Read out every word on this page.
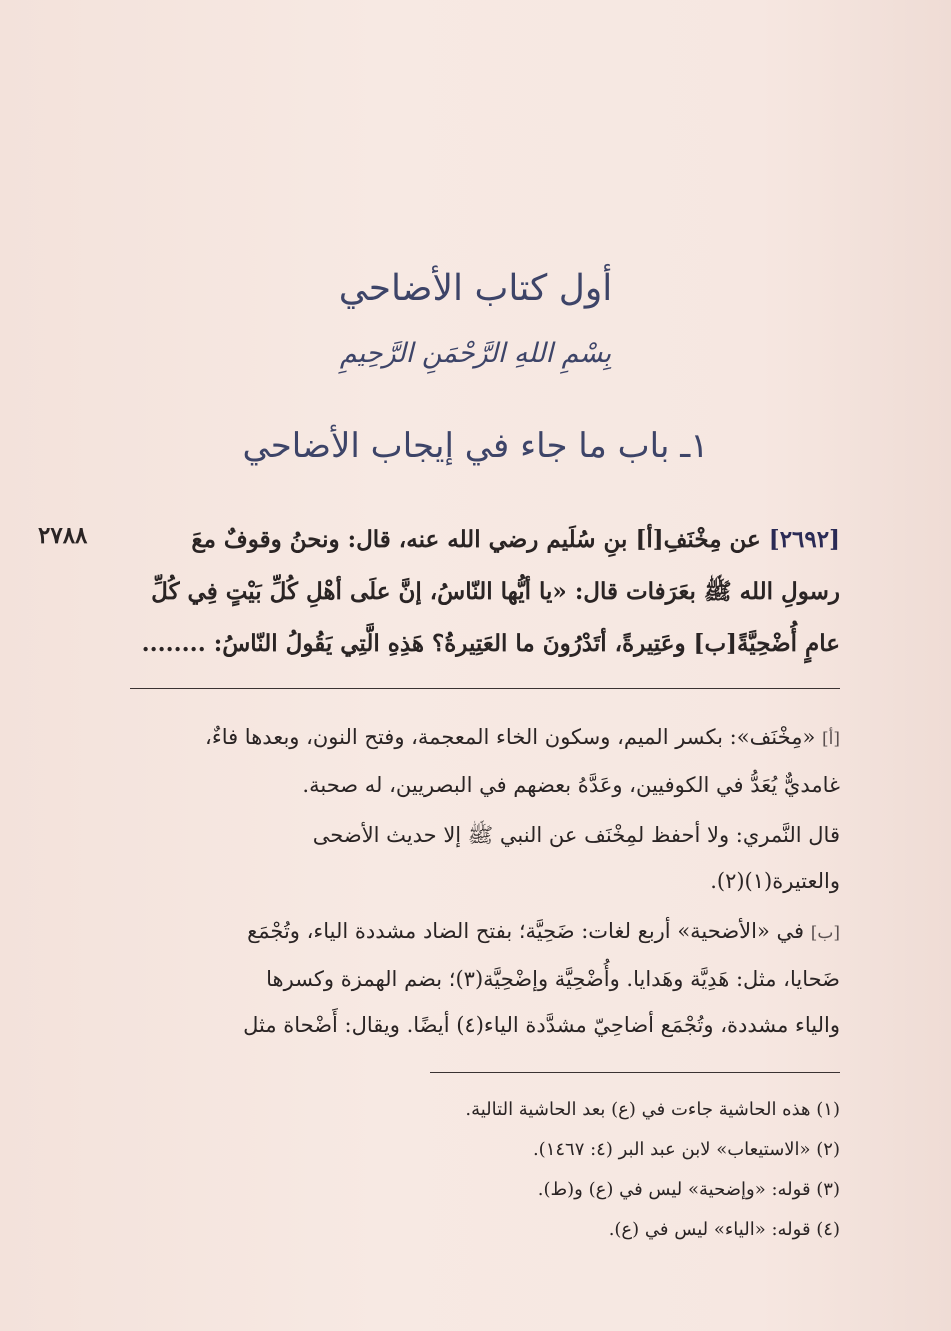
أول كتاب الأضاحي
بِسْمِ اللهِ الرَّحْمَنِ الرَّحِيمِ
١ـ باب ما جاء في إيجاب الأضاحي
٢٧٨٨	[٢٦٩٢] عن مِخْنَفِ[أ] بنِ سُلَيم رضي الله عنه، قال: ونحنُ وقوفٌ معَ

رسولِ الله ﷺ بعَرَفات قال: «يا أيُّها النّاسُ، إنَّ علَى أهْلِ كُلِّ بَيْتٍ فِي كُلِّ

عامٍ أُضْحِيَّةً[ب] وعَتِيرةً، أتَدْرُونَ ما العَتِيرةُ؟ هَذِهِ الَّتِي يَقُولُ النّاسُ: ........

[أ] «مِخْنَف»: بكسر الميم، وسكون الخاء المعجمة، وفتح النون، وبعدها فاءٌ،
غامديٌّ يُعَدُّ في الكوفيين، وعَدَّهُ بعضهم في البصريين، له صحبة.

قال النَّمري: ولا أحفظ لمِخْنَف عن النبي ﷺ إلا حديث الأضحى
والعتيرة(١)(٢).

[ب] في «الأضحية» أربع لغات: ضَحِيَّة؛ بفتح الضاد مشددة الياء، وتُجْمَع
ضَحايا، مثل: هَدِيَّة وهَدايا. وأُضْحِيَّة وإضْحِيَّة(٣)؛ بضم الهمزة وكسرها
والياء مشددة، وتُجْمَع أضاحِيّ مشدَّدة الياء(٤) أيضًا. ويقال: أَضْحاة مثل

(١) هذه الحاشية جاءت في (ع) بعد الحاشية التالية.

(٢) «الاستيعاب» لابن عبد البر (٤: ١٤٦٧).

(٣) قوله: «وإضحية» ليس في (ع) و(ط).

(٤) قوله: «الياء» ليس في (ع).
